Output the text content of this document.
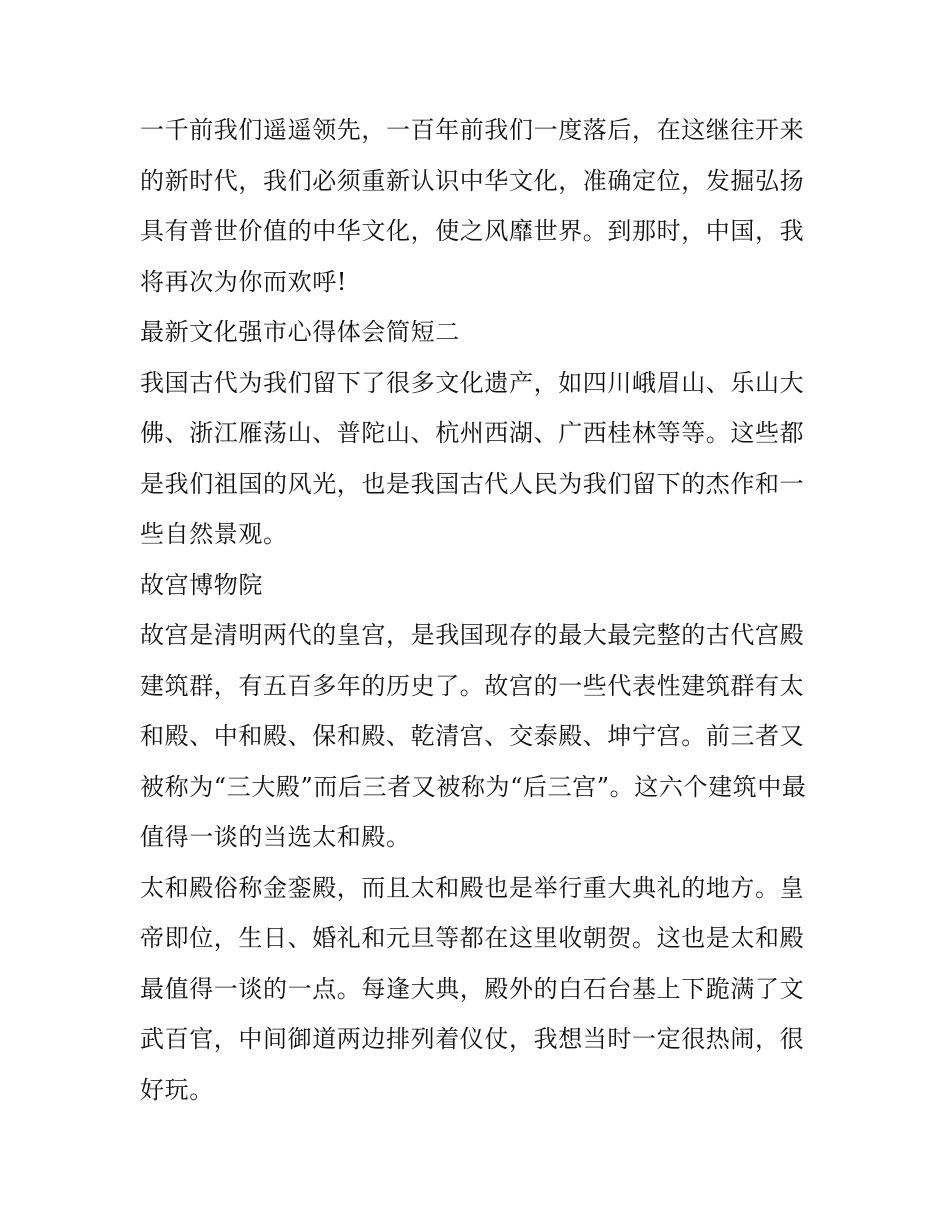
一千前我们遥遥领先，一百年前我们一度落后，在这继往开来的新时代，我们必须重新认识中华文化，准确定位，发掘弘扬具有普世价值的中华文化，使之风靡世界。到那时，中国，我将再次为你而欢呼!

最新文化强市心得体会简短二

我国古代为我们留下了很多文化遗产，如四川峨眉山、乐山大佛、浙江雁荡山、普陀山、杭州西湖、广西桂林等等。这些都是我们祖国的风光，也是我国古代人民为我们留下的杰作和一些自然景观。

故宫博物院

故宫是清明两代的皇宫，是我国现存的最大最完整的古代宫殿建筑群，有五百多年的历史了。故宫的一些代表性建筑群有太和殿、中和殿、保和殿、乾清宫、交泰殿、坤宁宫。前三者又被称为“三大殿”而后三者又被称为“后三宫”。这六个建筑中最值得一谈的当选太和殿。

太和殿俗称金銮殿，而且太和殿也是举行重大典礼的地方。皇帝即位，生日、婚礼和元旦等都在这里收朝贺。这也是太和殿最值得一谈的一点。每逢大典，殿外的白石台基上下跪满了文武百官，中间御道两边排列着仪仗，我想当时一定很热闹，很好玩。
